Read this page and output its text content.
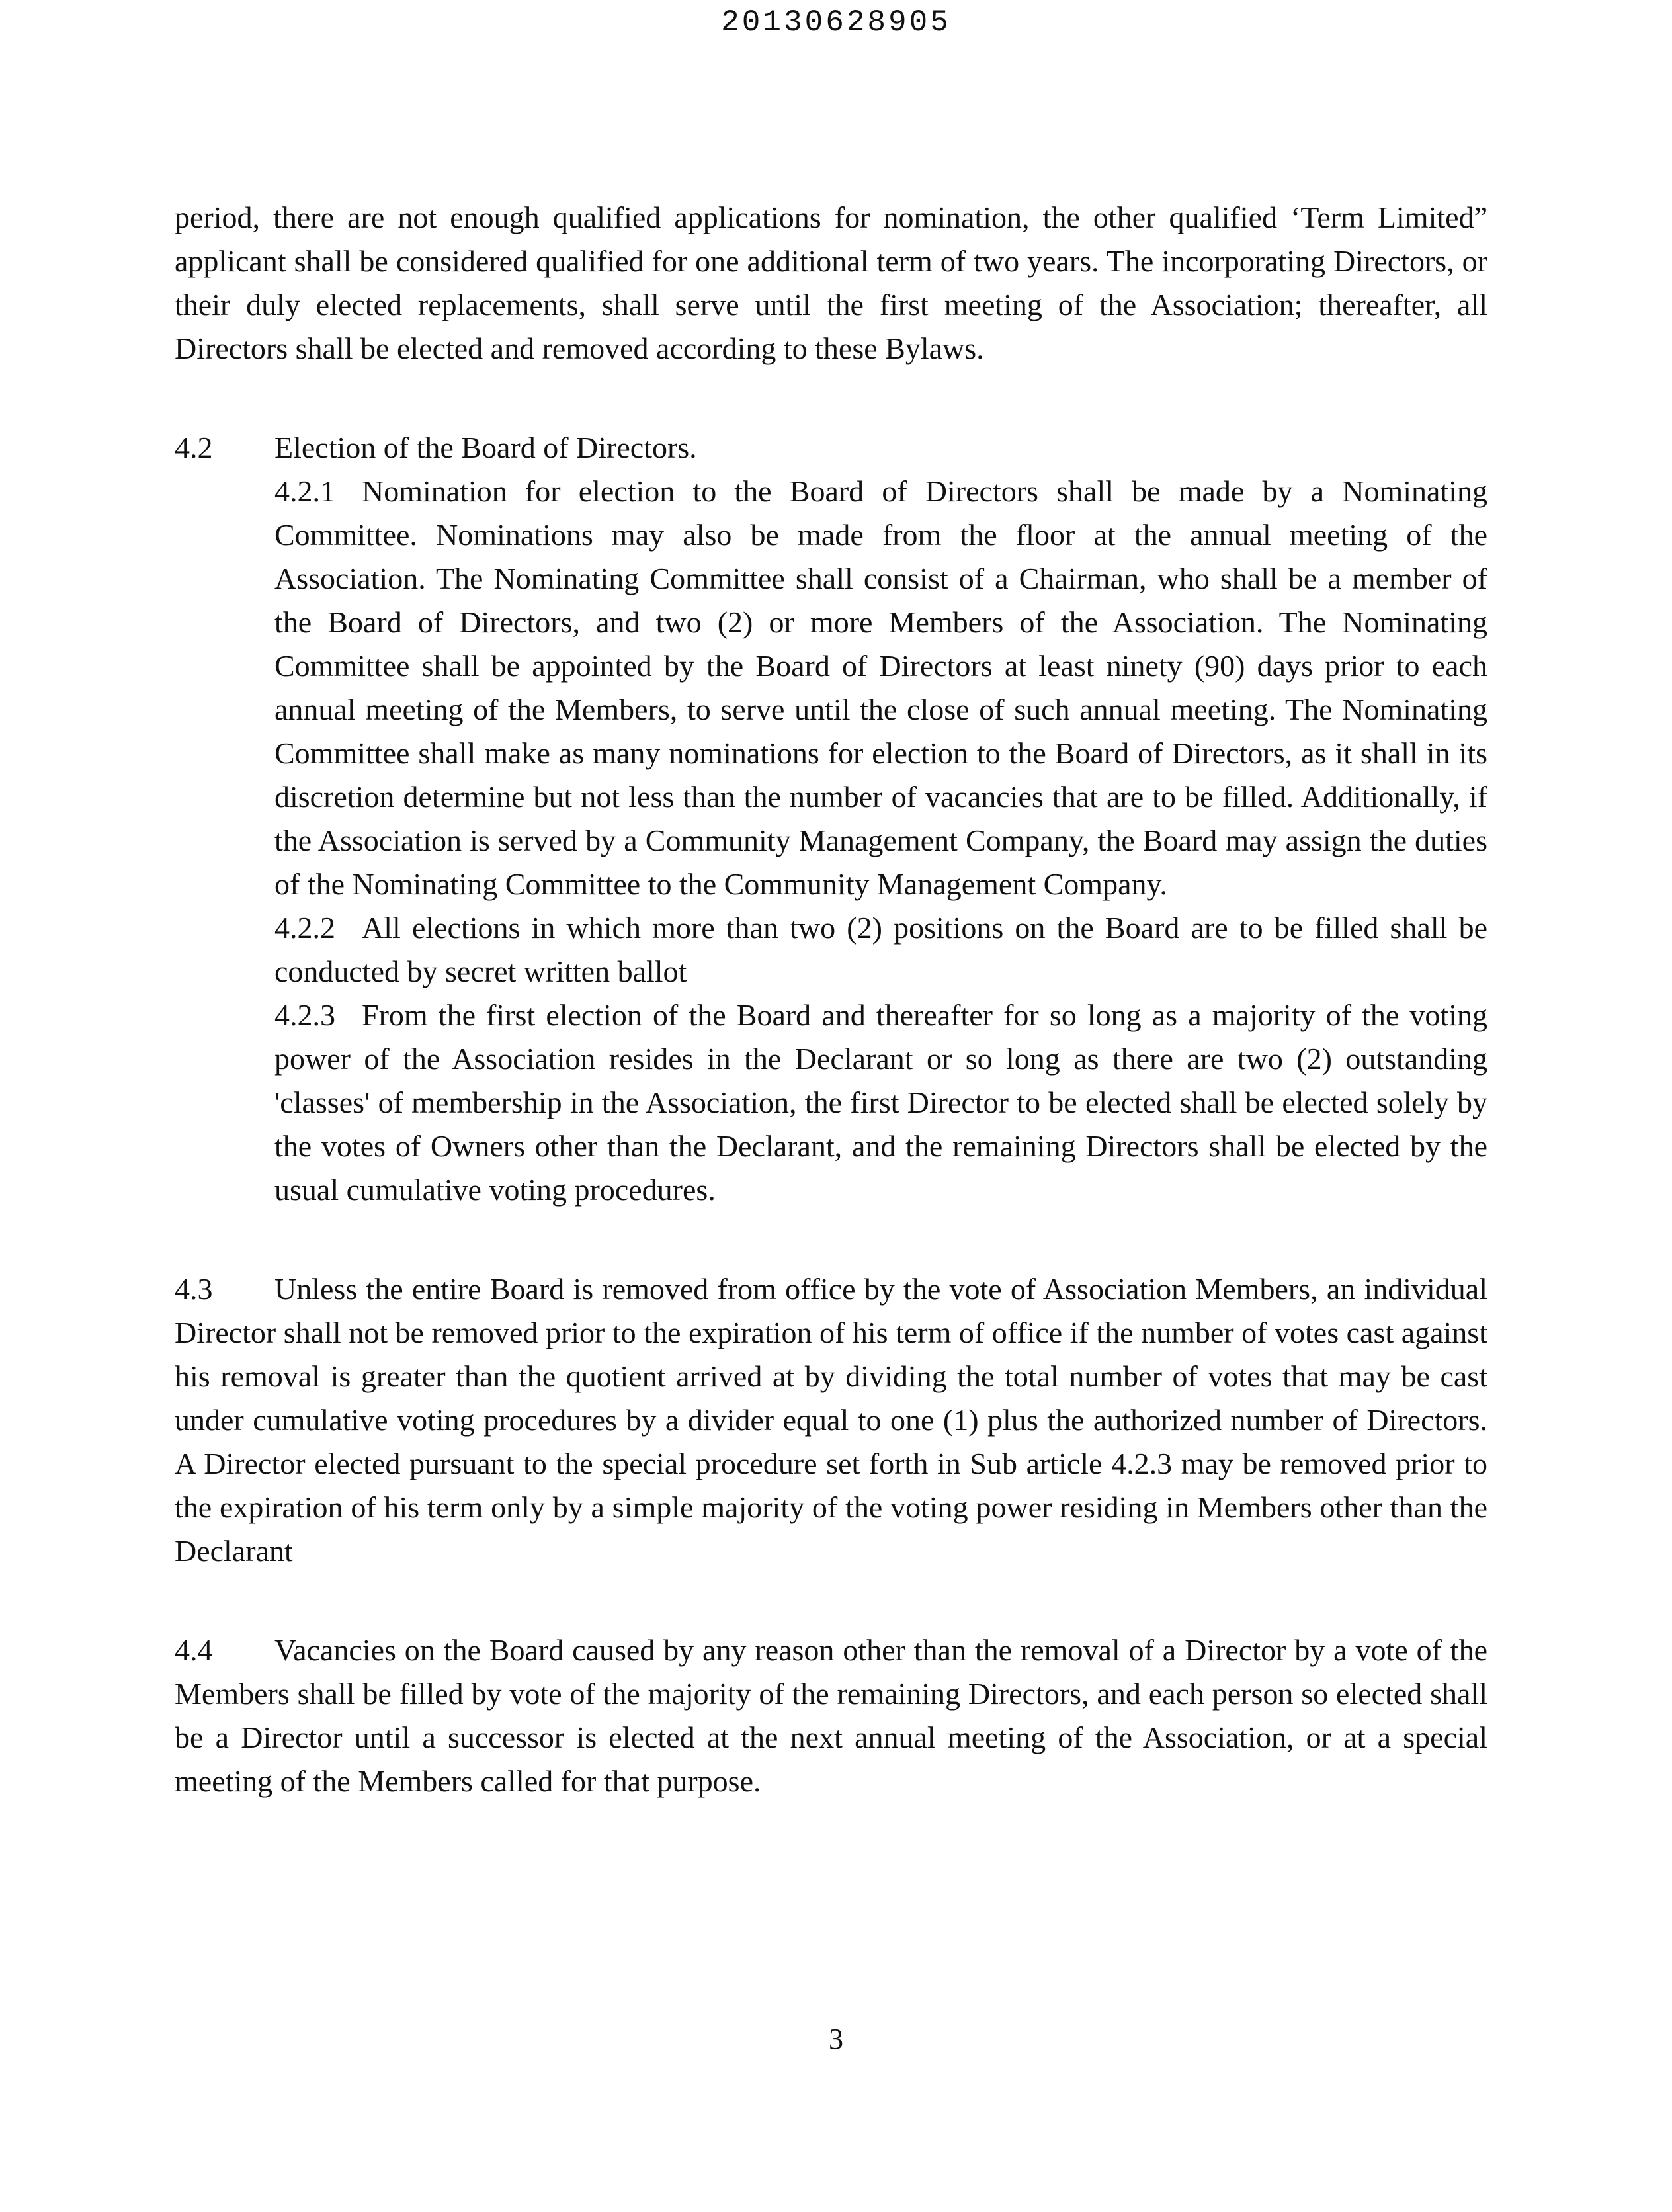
20130628905

period, there are not enough qualified applications for nomination, the other qualified ‘Term Limited” applicant shall be considered qualified for one additional term of two years. The incorporating Directors, or their duly elected replacements, shall serve until the first meeting of the Association; thereafter, all Directors shall be elected and removed according to these Bylaws.

4.2	Election of the Board of Directors.

4.2.1 Nomination for election to the Board of Directors shall be made by a Nominating Committee. Nominations may also be made from the floor at the annual meeting of the Association. The Nominating Committee shall consist of a Chairman, who shall be a member of the Board of Directors, and two (2) or more Members of the Association. The Nominating Committee shall be appointed by the Board of Directors at least ninety (90) days prior to each annual meeting of the Members, to serve until the close of such annual meeting. The Nominating Committee shall make as many nominations for election to the Board of Directors, as it shall in its discretion determine but not less than the number of vacancies that are to be filled. Additionally, if the Association is served by a Community Management Company, the Board may assign the duties of the Nominating Committee to the Community Management Company.

4.2.2 All elections in which more than two (2) positions on the Board are to be filled shall be conducted by secret written ballot

4.2.3 From the first election of the Board and thereafter for so long as a majority of the voting power of the Association resides in the Declarant or so long as there are two (2) outstanding 'classes' of membership in the Association, the first Director to be elected shall be elected solely by the votes of Owners other than the Declarant, and the remaining Directors shall be elected by the usual cumulative voting procedures.

4.3 Unless the entire Board is removed from office by the vote of Association Members, an individual Director shall not be removed prior to the expiration of his term of office if the number of votes cast against his removal is greater than the quotient arrived at by dividing the total number of votes that may be cast under cumulative voting procedures by a divider equal to one (1) plus the authorized number of Directors. A Director elected pursuant to the special procedure set forth in Sub article 4.2.3 may be removed prior to the expiration of his term only by a simple majority of the voting power residing in Members other than the Declarant

4.4 Vacancies on the Board caused by any reason other than the removal of a Director by a vote of the Members shall be filled by vote of the majority of the remaining Directors, and each person so elected shall be a Director until a successor is elected at the next annual meeting of the Association, or at a special meeting of the Members called for that purpose.

3
